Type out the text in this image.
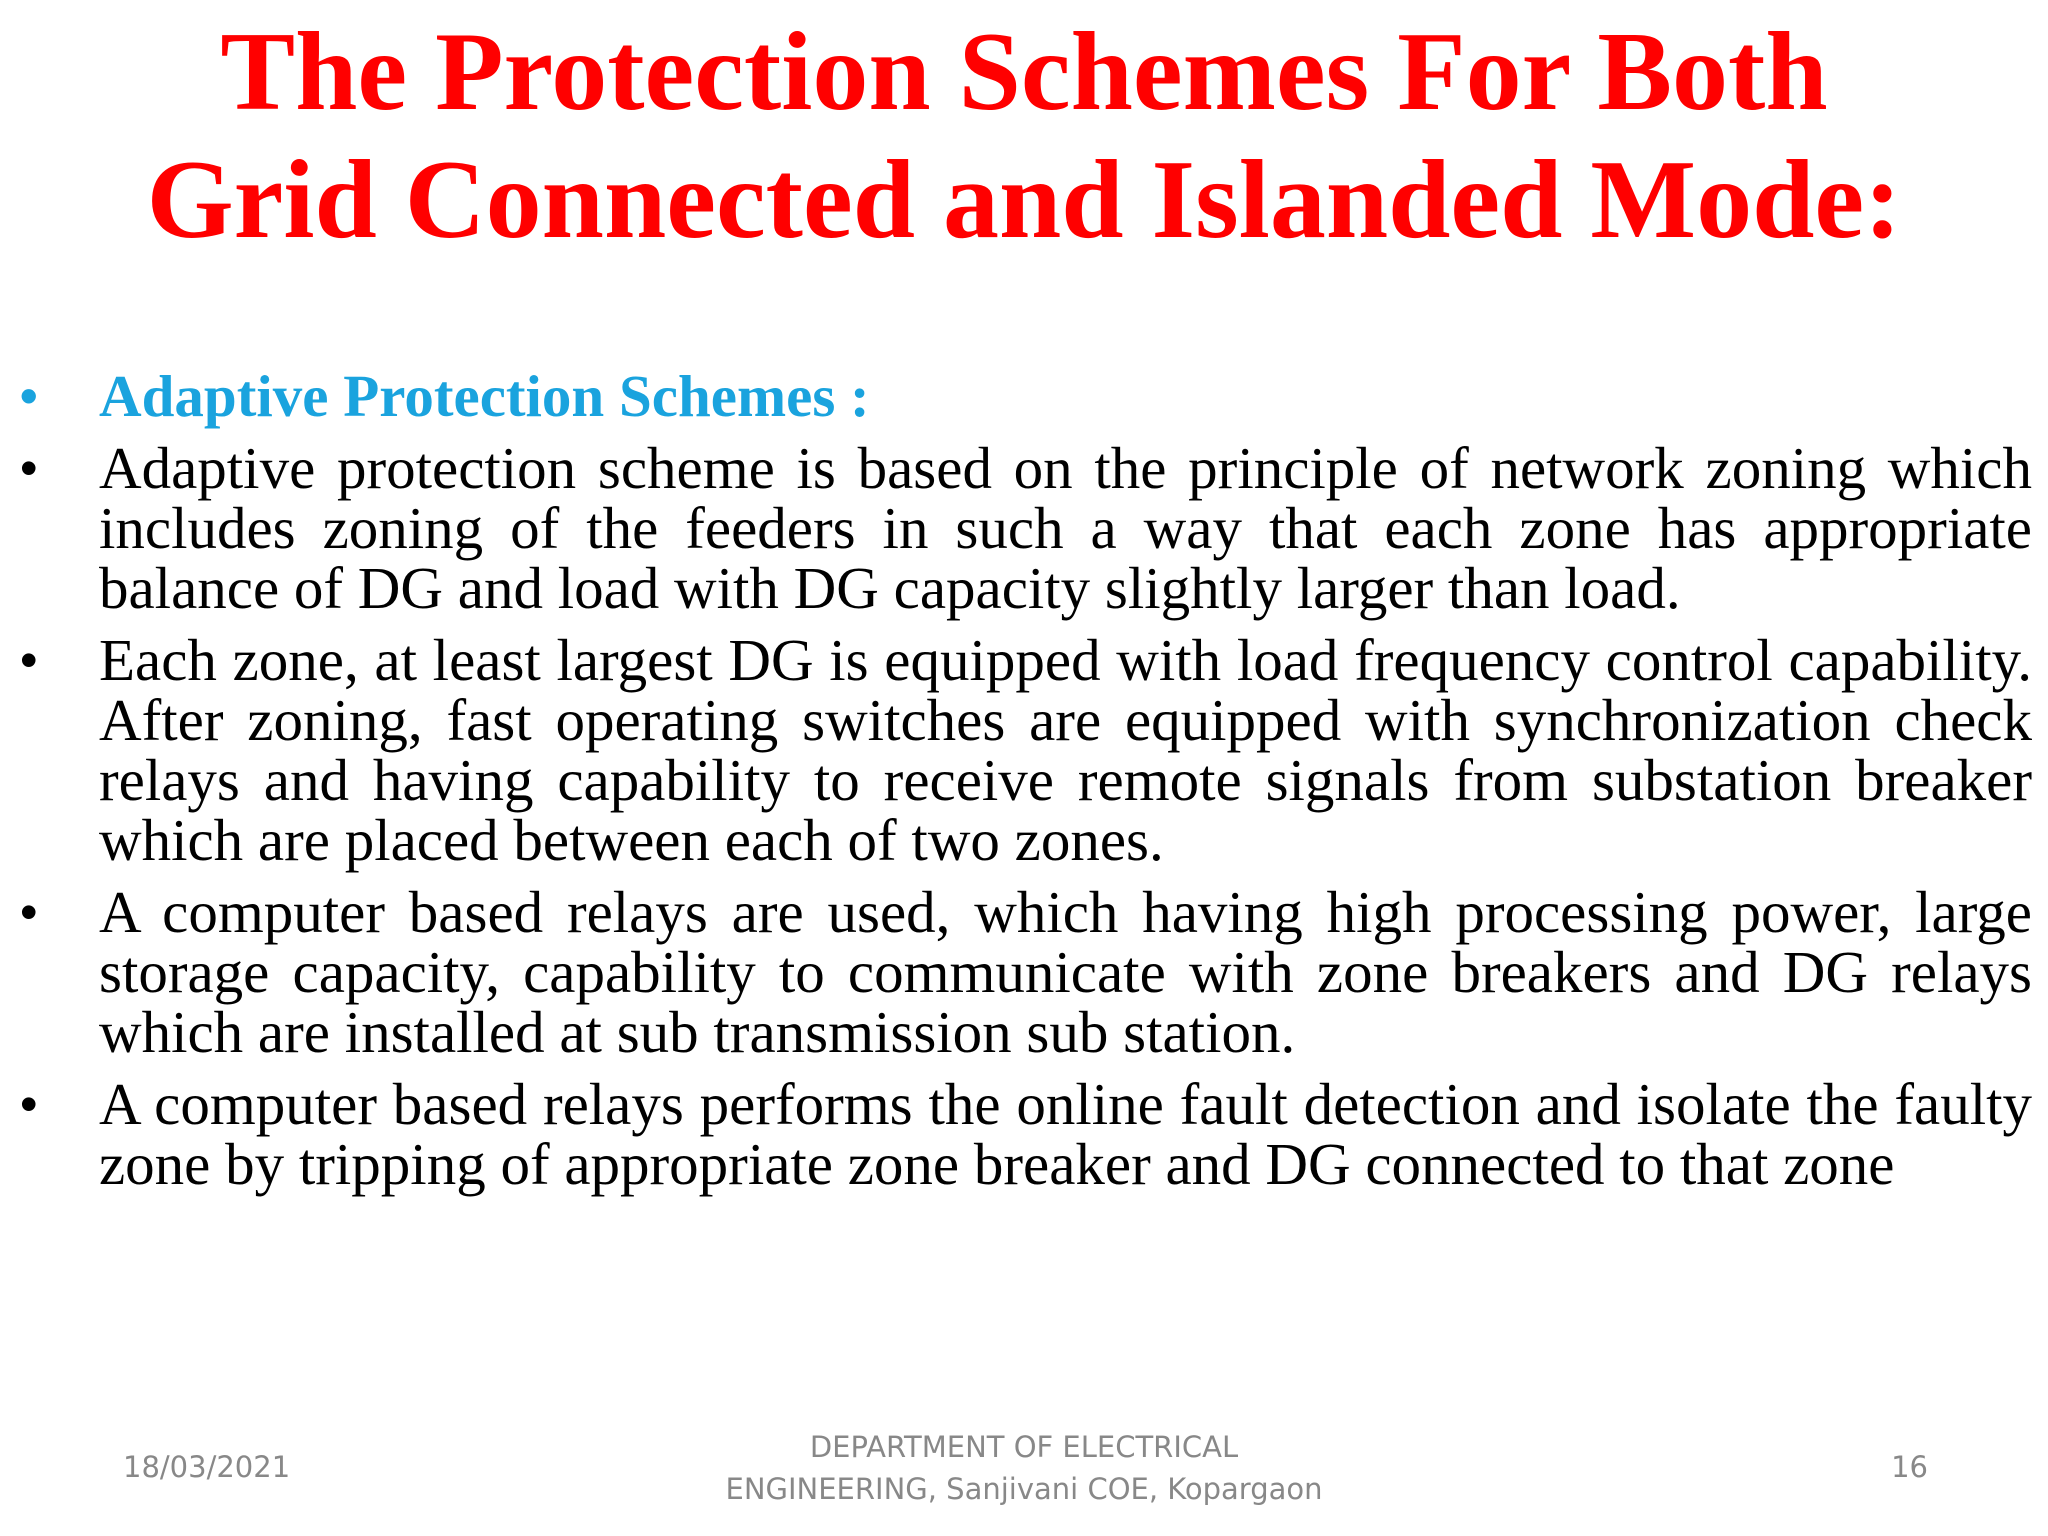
The Protection Schemes For Both
Grid Connected and Islanded Mode:
• Adaptive Protection Schemes :
• Adaptive protection scheme is based on the principle of network zoning which includes zoning of the feeders in such a way that each zone has appropriate balance of DG and load with DG capacity slightly larger than load.
• Each zone, at least largest DG is equipped with load frequency control capability. After zoning, fast operating switches are equipped with synchronization check relays and having capability to receive remote signals from substation breaker which are placed between each of two zones.
• A computer based relays are used, which having high processing power, large storage capacity, capability to communicate with zone breakers and DG relays which are installed at sub transmission sub station.
• A computer based relays performs the online fault detection and isolate the faulty zone by tripping of appropriate zone breaker and DG connected to that zone
18/03/2021
DEPARTMENT OF ELECTRICAL
ENGINEERING, Sanjivani COE, Kopargaon
16
